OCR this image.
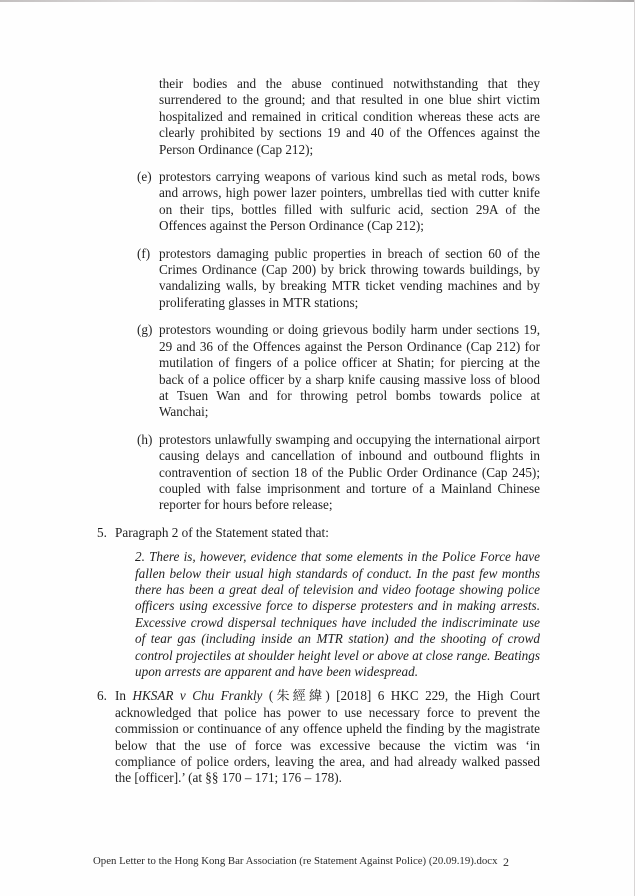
their bodies and the abuse continued notwithstanding that they surrendered to the ground; and that resulted in one blue shirt victim hospitalized and remained in critical condition whereas these acts are clearly prohibited by sections 19 and 40 of the Offences against the Person Ordinance (Cap 212);

(e) protestors carrying weapons of various kind such as metal rods, bows and arrows, high power lazer pointers, umbrellas tied with cutter knife on their tips, bottles filled with sulfuric acid, section 29A of the Offences against the Person Ordinance (Cap 212);
(f) protestors damaging public properties in breach of section 60 of the Crimes Ordinance (Cap 200) by brick throwing towards buildings, by vandalizing walls, by breaking MTR ticket vending machines and by proliferating glasses in MTR stations;
(g) protestors wounding or doing grievous bodily harm under sections 19, 29 and 36 of the Offences against the Person Ordinance (Cap 212) for mutilation of fingers of a police officer at Shatin; for piercing at the back of a police officer by a sharp knife causing massive loss of blood at Tsuen Wan and for throwing petrol bombs towards police at Wanchai;
(h) protestors unlawfully swamping and occupying the international airport causing delays and cancellation of inbound and outbound flights in contravention of section 18 of the Public Order Ordinance (Cap 245); coupled with false imprisonment and torture of a Mainland Chinese reporter for hours before release;
5. Paragraph 2 of the Statement stated that:

2. There is, however, evidence that some elements in the Police Force have fallen below their usual high standards of conduct. In the past few months there has been a great deal of television and video footage showing police officers using excessive force to disperse protesters and in making arrests. Excessive crowd dispersal techniques have included the indiscriminate use of tear gas (including inside an MTR station) and the shooting of crowd control projectiles at shoulder height level or above at close range. Beatings upon arrests are apparent and have been widespread.

6. In HKSAR v Chu Frankly (朱經緯) [2018] 6 HKC 229, the High Court acknowledged that police has power to use necessary force to prevent the commission or continuance of any offence upheld the finding by the magistrate below that the use of force was excessive because the victim was ‘in compliance of police orders, leaving the area, and had already walked passed the [officer].’ (at §§ 170 – 171; 176 – 178).
Open Letter to the Hong Kong Bar Association (re Statement Against Police) (20.09.19).docx 2
